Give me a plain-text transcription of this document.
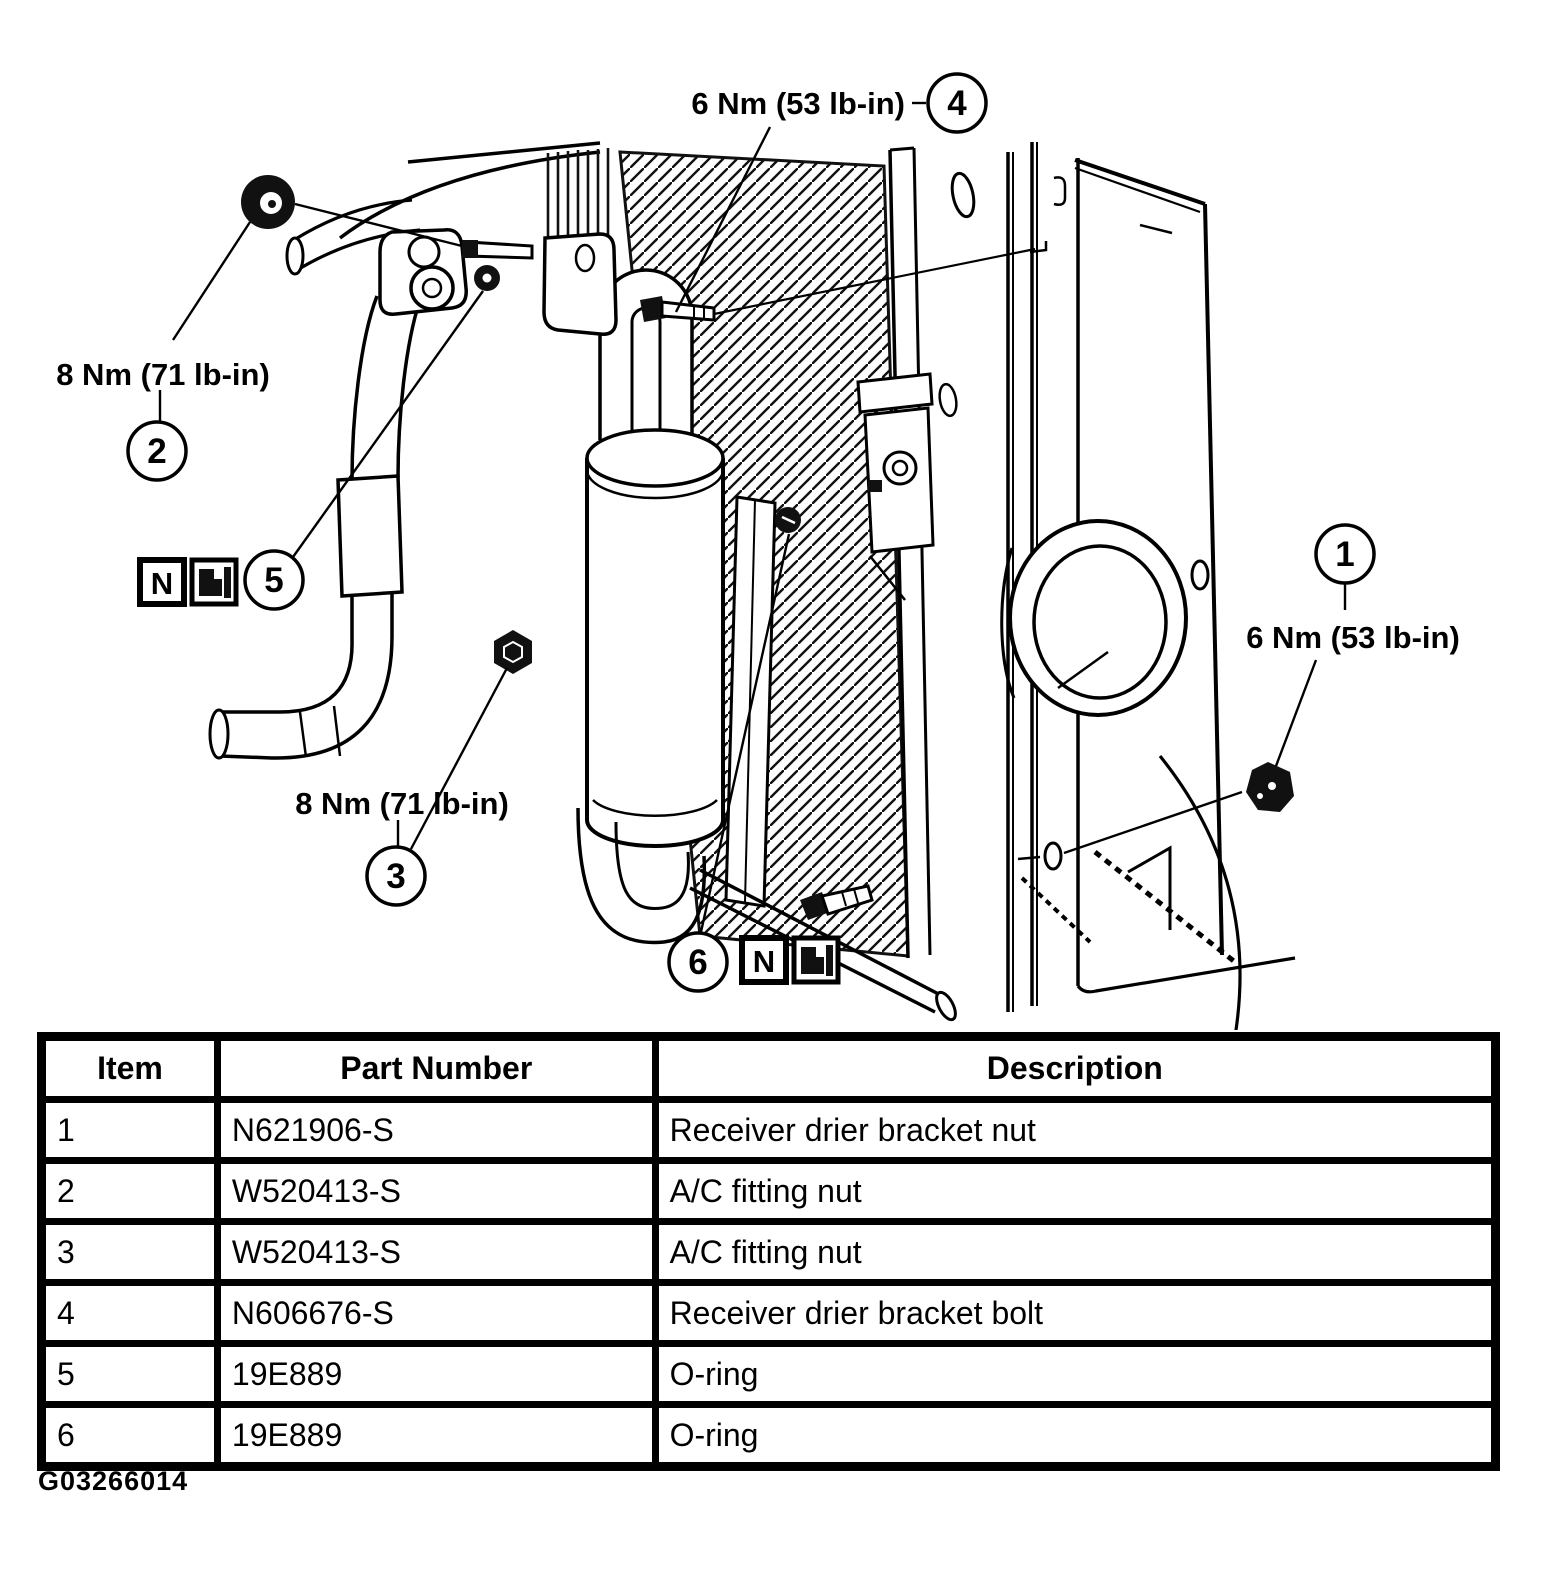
6 Nm (53 lb-in)
8 Nm (71 lb-in)
8 Nm (71 lb-in)
6 Nm (53 lb-in)
4
2
5
3
6
1
N
N
Item	Part Number	Description
1	N621906-S	Receiver drier bracket nut
2	W520413-S	A/C fitting nut
3	W520413-S	A/C fitting nut
4	N606676-S	Receiver drier bracket bolt
5	19E889	O-ring
6	19E889	O-ring
G03266014
